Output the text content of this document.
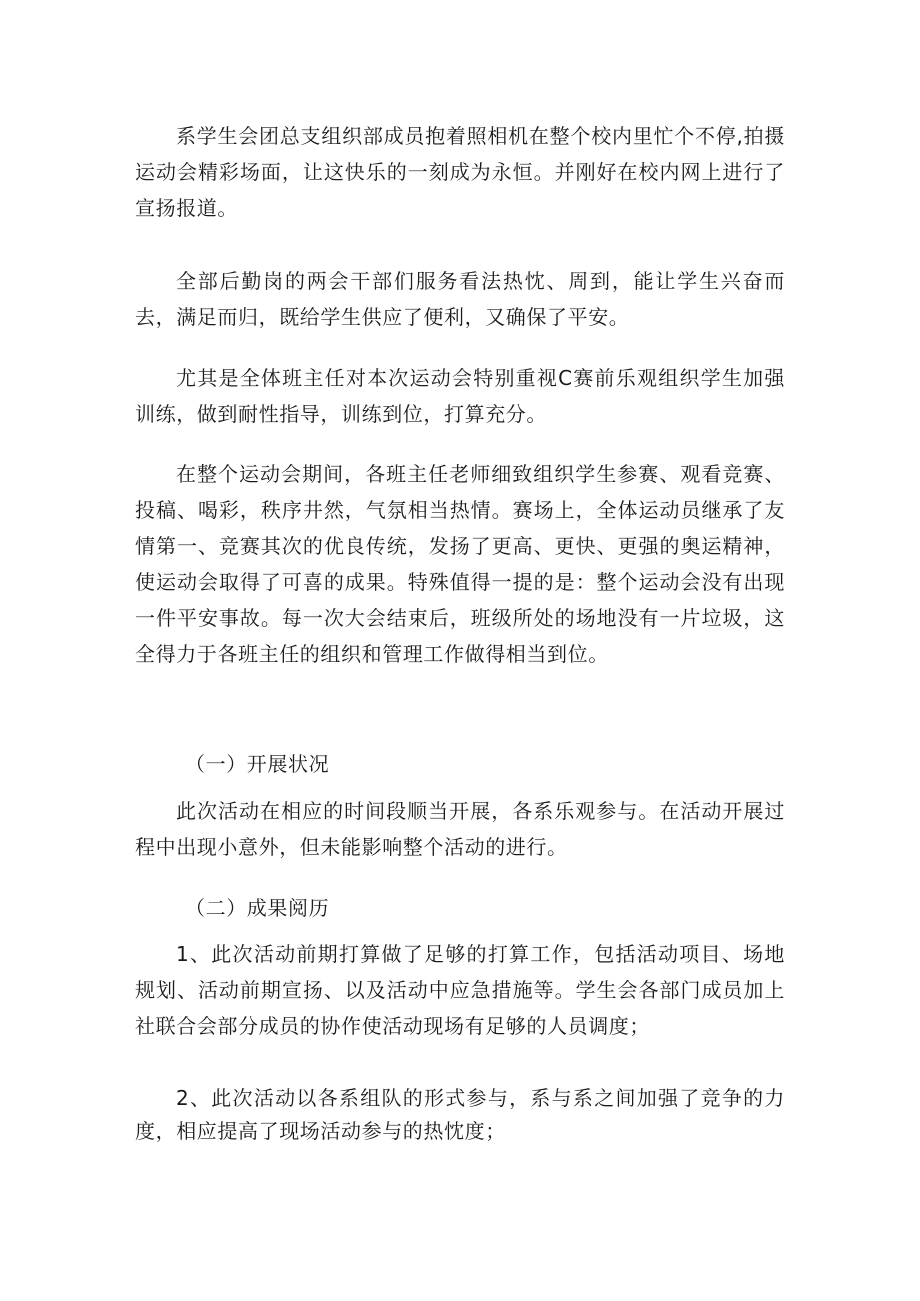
系学生会团总支组织部成员抱着照相机在整个校内里忙个不停,拍摄运动会精彩场面，让这快乐的一刻成为永恒。并刚好在校内网上进行了宣扬报道。

全部后勤岗的两会干部们服务看法热忱、周到，能让学生兴奋而去，满足而归，既给学生供应了便利，又确保了平安。

尤其是全体班主任对本次运动会特别重视C赛前乐观组织学生加强训练，做到耐性指导，训练到位，打算充分。

在整个运动会期间，各班主任老师细致组织学生参赛、观看竞赛、投稿、喝彩，秩序井然，气氛相当热情。赛场上，全体运动员继承了友情第一、竞赛其次的优良传统，发扬了更高、更快、更强的奥运精神，使运动会取得了可喜的成果。特殊值得一提的是：整个运动会没有出现一件平安事故。每一次大会结束后，班级所处的场地没有一片垃圾，这全得力于各班主任的组织和管理工作做得相当到位。

（一）开展状况

此次活动在相应的时间段顺当开展，各系乐观参与。在活动开展过程中出现小意外，但未能影响整个活动的进行。

（二）成果阅历

1、此次活动前期打算做了足够的打算工作，包括活动项目、场地规划、活动前期宣扬、以及活动中应急措施等。学生会各部门成员加上社联合会部分成员的协作使活动现场有足够的人员调度；

2、此次活动以各系组队的形式参与，系与系之间加强了竞争的力度，相应提高了现场活动参与的热忱度；
